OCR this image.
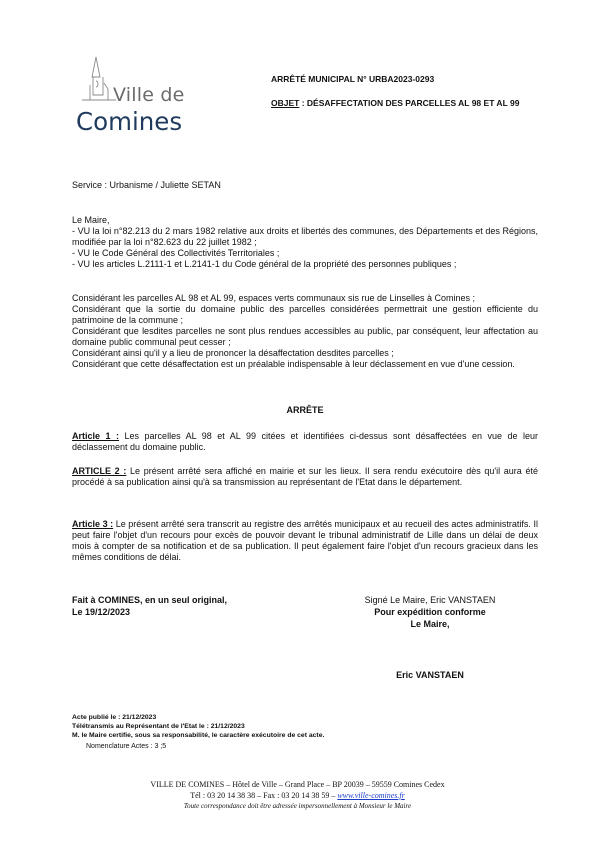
Ville de
Comines
ARRÊTÉ MUNICIPAL N° URBA2023-0293
OBJET : DÉSAFFECTATION DES PARCELLES AL 98 ET AL 99
Service : Urbanisme / Juliette SETAN
Le Maire,
- VU la loi n°82.213 du 2 mars 1982 relative aux droits et libertés des communes, des Départements et des Régions, modifiée par la loi n°82.623 du 22 juillet 1982 ;
- VU le Code Général des Collectivités Territoriales ;
- VU les articles L.2111-1 et L.2141-1 du Code général de la propriété des personnes publiques ;
Considérant les parcelles AL 98 et AL 99, espaces verts communaux sis rue de Linselles à Comines ;
Considérant que la sortie du domaine public des parcelles considérées permettrait une gestion efficiente du patrimoine de la commune ;
Considérant que lesdites parcelles ne sont plus rendues accessibles au public, par conséquent, leur affectation au domaine public communal peut cesser ;
Considérant ainsi qu'il y a lieu de prononcer la désaffectation desdites parcelles ;
Considérant que cette désaffectation est un préalable indispensable à leur déclassement en vue d'une cession.
ARRÊTE
Article 1 : Les parcelles AL 98 et AL 99 citées et identifiées ci-dessus sont désaffectées en vue de leur déclassement du domaine public.
ARTICLE 2 : Le présent arrêté sera affiché en mairie et sur les lieux. Il sera rendu exécutoire dès qu'il aura été procédé à sa publication ainsi qu'à sa transmission au représentant de l'Etat dans le département.
Article 3 : Le présent arrêté sera transcrit au registre des arrêtés municipaux et au recueil des actes administratifs. Il peut faire l'objet d'un recours pour excès de pouvoir devant le tribunal administratif de Lille dans un délai de deux mois à compter de sa notification et de sa publication. Il peut également faire l'objet d'un recours gracieux dans les mêmes conditions de délai.
Fait à COMINES, en un seul original,
Le 19/12/2023
Signé Le Maire, Eric VANSTAEN
Pour expédition conforme
Le Maire,
Eric VANSTAEN
Acte publié le : 21/12/2023
Télétransmis au Représentant de l'Etat le : 21/12/2023
M. le Maire certifie, sous sa responsabilité, le caractère exécutoire de cet acte.
Nomenclature Actes : 3 ;5
VILLE DE COMINES – Hôtel de Ville – Grand Place – BP 20039 – 59559 Comines Cedex
Tél : 03 20 14 38 38 – Fax : 03 20 14 38 59 – www.ville-comines.fr
Toute correspondance doit être adressée impersonnellement à Monsieur le Maire
